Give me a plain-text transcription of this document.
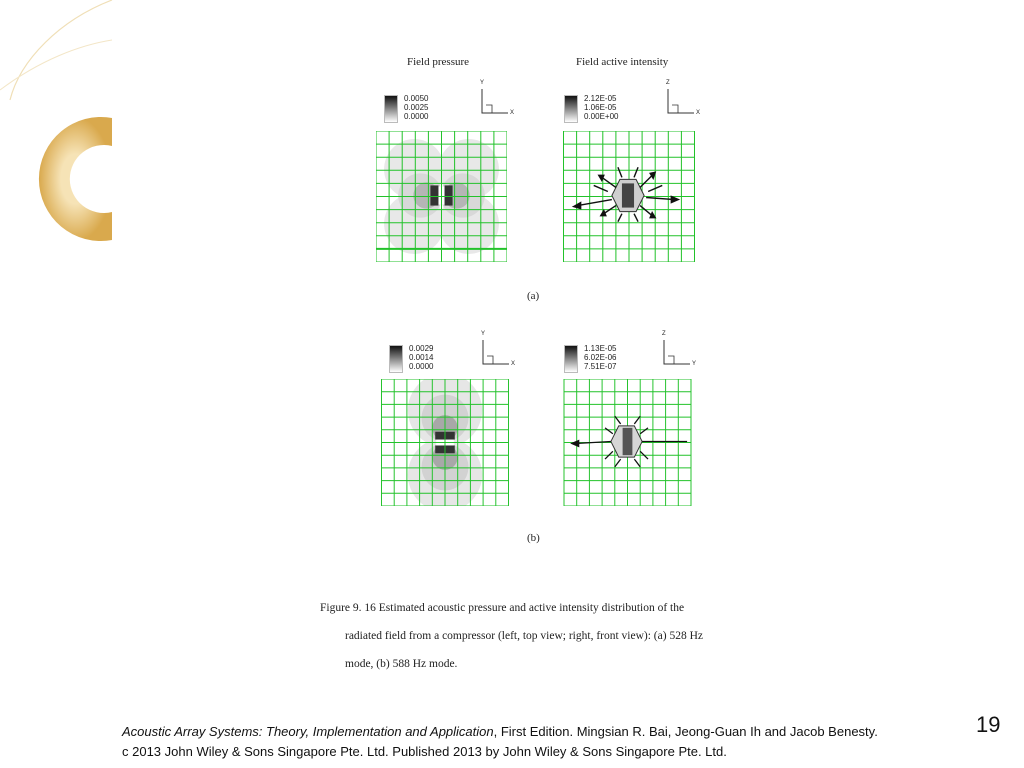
Field pressure	Field active intensity
0.0050
0.0025
0.0000
Y
X
2.12E-05
1.06E-05
0.00E+00
Z
X
(a)
0.0029
0.0014
0.0000
Y
X
1.13E-05
6.02E-06
7.51E-07
Z
Y
(b)
Figure 9. 16 Estimated acoustic pressure and active intensity distribution of the
radiated field from a compressor (left, top view; right, front view): (a) 528 Hz
mode, (b) 588 Hz mode.
Acoustic Array Systems: Theory, Implementation and Application, First Edition. Mingsian R. Bai, Jeong-Guan Ih and Jacob Benesty.
c 2013 John Wiley & Sons Singapore Pte. Ltd. Published 2013 by John Wiley & Sons Singapore Pte. Ltd.
19
